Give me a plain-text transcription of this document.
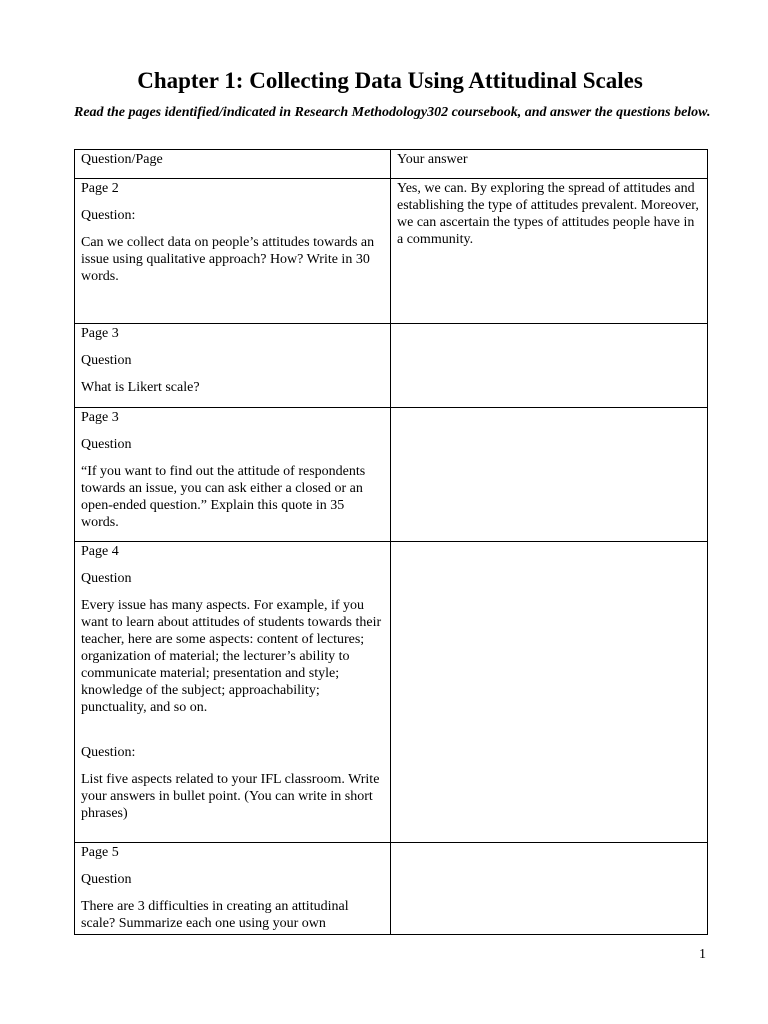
Chapter 1: Collecting Data Using Attitudinal Scales

Read the pages identified/indicated in Research Methodology302 coursebook, and answer the questions below.

Question/Page	Your answer

Page 2

Question:

Can we collect data on people’s attitudes towards an issue using qualitative approach? How? Write in 30 words.	Yes, we can. By exploring the spread of attitudes and establishing the type of attitudes prevalent. Moreover, we can ascertain the types of attitudes people have in a community.

Page 3

Question

What is Likert scale?	

Page 3

Question

“If you want to find out the attitude of respondents towards an issue, you can ask either a closed or an open-ended question.” Explain this quote in 35 words.	

Page 4

Question

Every issue has many aspects. For example, if you want to learn about attitudes of students towards their teacher, here are some aspects: content of lectures; organization of material; the lecturer’s ability to communicate material; presentation and style; knowledge of the subject; approachability; punctuality, and so on.

Question:

List five aspects related to your IFL classroom. Write your answers in bullet point. (You can write in short phrases)	

Page 5

Question

There are 3 difficulties in creating an attitudinal scale? Summarize each one using your own	

1
